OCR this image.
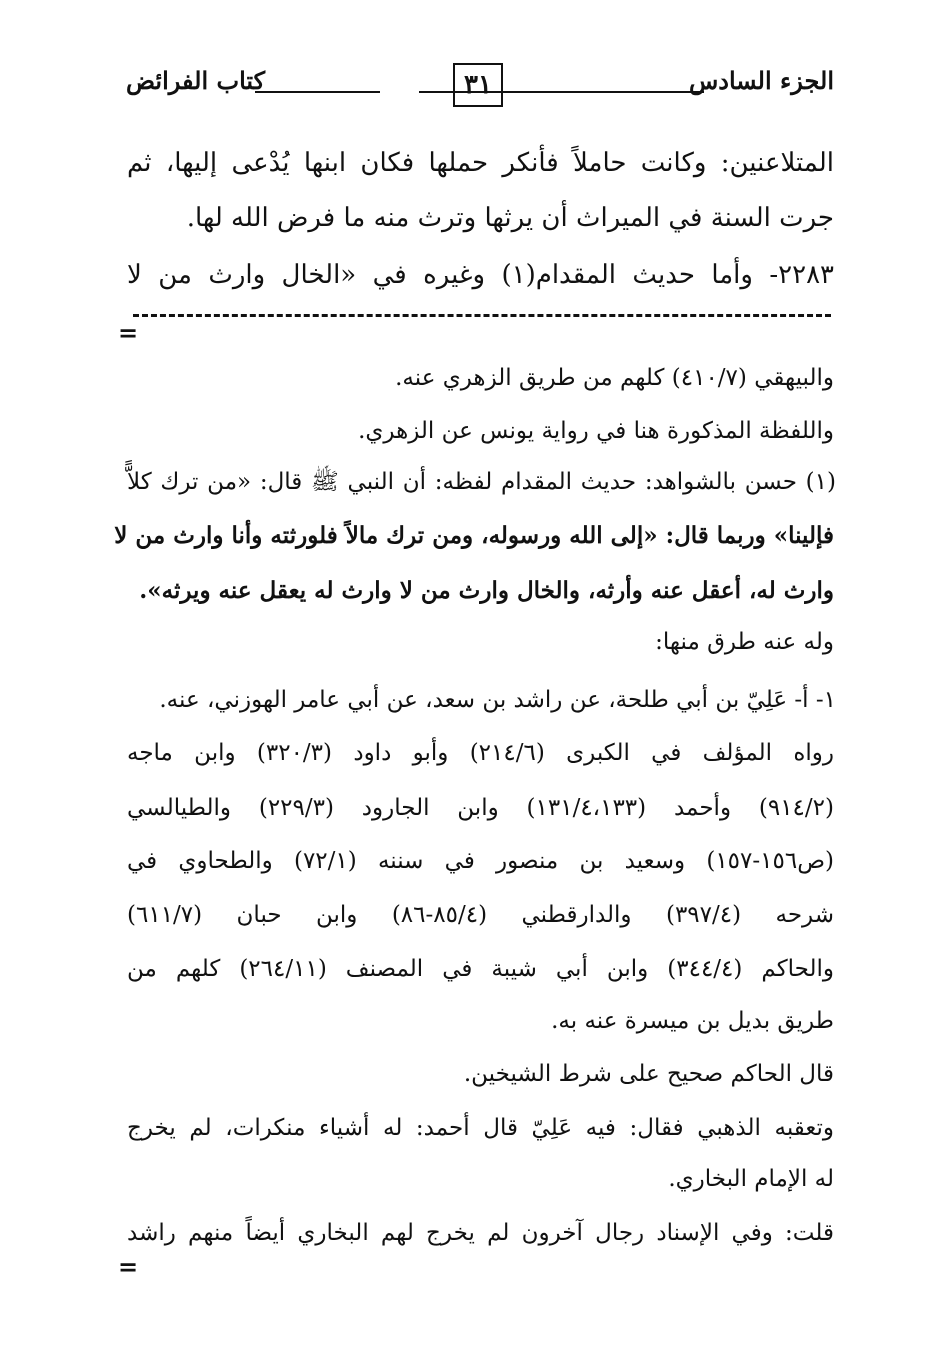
الجزء السادس
٣١
كتاب الفرائض
المتلاعنين: وكانت حاملاً فأنكر حملها فكان ابنها يُدْعى إليها، ثم
جرت السنة في الميراث أن يرثها وترث منه ما فرض الله لها.
٢٢٨٣- وأما حديث المقدام(١) وغيره في «الخال وارث من لا
=
والبيهقي (٤١٠/٧) كلهم من طريق الزهري عنه.
واللفظة المذكورة هنا في رواية يونس عن الزهري.
(١) حسن بالشواهد: حديث المقدام لفظه: أن النبي ﷺ قال: «من ترك كلاًّ
فإلينا» وربما قال: «إلى الله ورسوله، ومن ترك مالاً فلورثته وأنا وارث من لا
وارث له، أعقل عنه وأرثه، والخال وارث من لا وارث له يعقل عنه ويرثه».
وله عنه طرق منها:
١- أ- عَلِيّ بن أبي طلحة، عن راشد بن سعد، عن أبي عامر الهوزني، عنه.
رواه المؤلف في الكبرى (٢١٤/٦) وأبو داود (٣٢٠/٣) وابن ماجه
(٩١٤/٢) وأحمد (١٣١/٤،١٣٣) وابن الجارود (٢٢٩/٣) والطيالسي
(ص١٥٦-١٥٧) وسعيد بن منصور في سننه (٧٢/١) والطحاوي في
شرحه (٣٩٧/٤) والدارقطني (٨٥/٤-٨٦) وابن حبان (٦١١/٧)
والحاكم (٣٤٤/٤) وابن أبي شيبة في المصنف (٢٦٤/١١) كلهم من
طريق بديل بن ميسرة عنه به.
قال الحاكم صحيح على شرط الشيخين.
وتعقبه الذهبي فقال: فيه عَلِيّ قال أحمد: له أشياء منكرات، لم يخرج
له الإمام البخاري.
قلت: وفي الإسناد رجال آخرون لم يخرج لهم البخاري أيضاً منهم راشد
=
